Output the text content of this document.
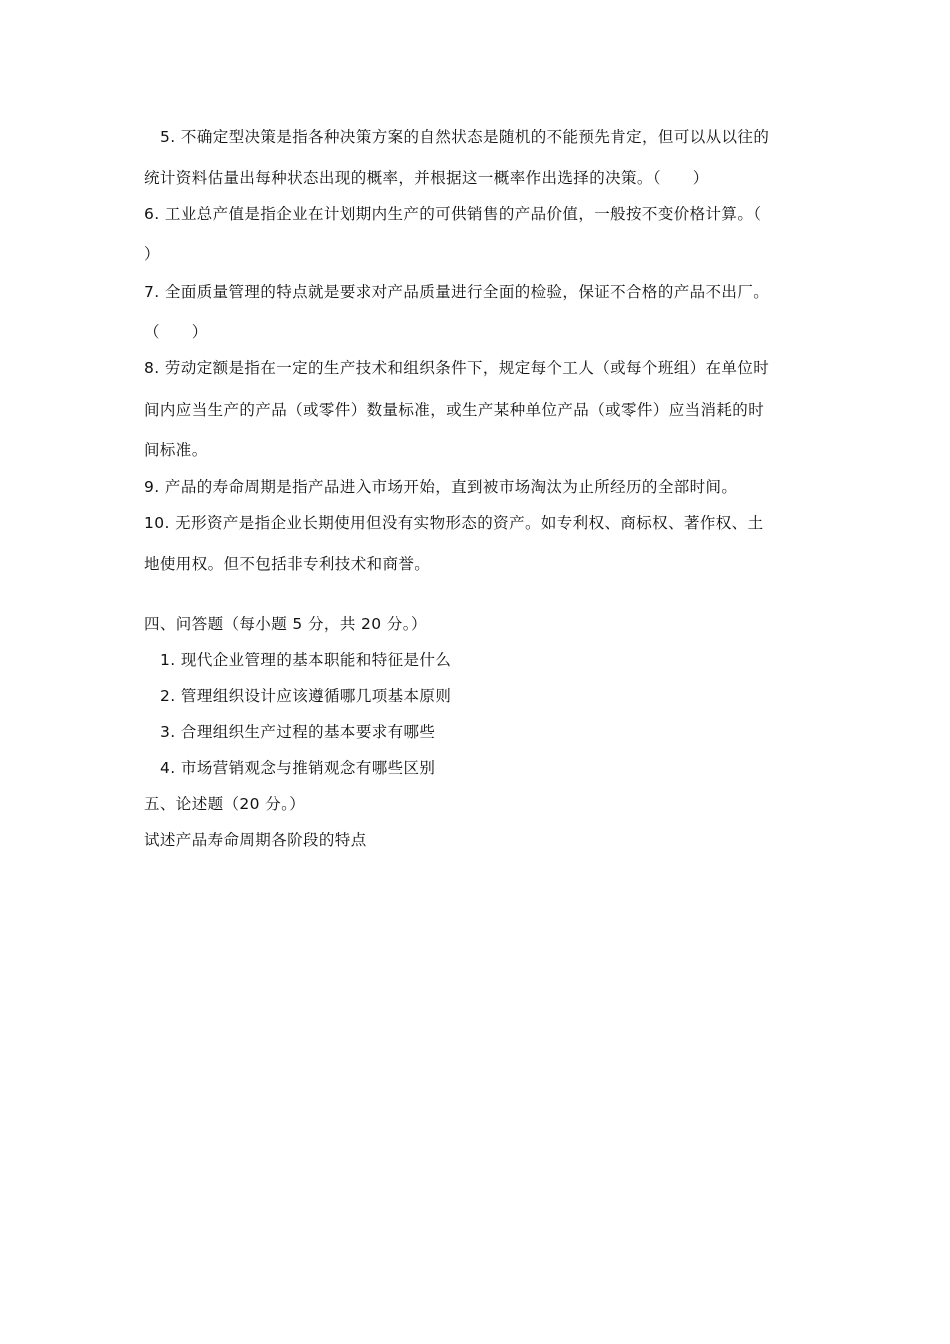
5. 不确定型决策是指各种决策方案的自然状态是随机的不能预先肯定，但可以从以往的
统计资料估量出每种状态出现的概率，并根据这一概率作出选择的决策。（　　）
6. 工业总产值是指企业在计划期内生产的可供销售的产品价值，一般按不变价格计算。（
）
7. 全面质量管理的特点就是要求对产品质量进行全面的检验，保证不合格的产品不出厂。
（　　）
8. 劳动定额是指在一定的生产技术和组织条件下，规定每个工人（或每个班组）在单位时
间内应当生产的产品（或零件）数量标准，或生产某种单位产品（或零件）应当消耗的时
间标准。
9. 产品的寿命周期是指产品进入市场开始，直到被市场淘汰为止所经历的全部时间。
10. 无形资产是指企业长期使用但没有实物形态的资产。如专利权、商标权、著作权、土
地使用权。但不包括非专利技术和商誉。
四、问答题（每小题 5 分，共 20 分。）
1. 现代企业管理的基本职能和特征是什么
2. 管理组织设计应该遵循哪几项基本原则
3. 合理组织生产过程的基本要求有哪些
4. 市场营销观念与推销观念有哪些区别
五、论述题（20 分。）
试述产品寿命周期各阶段的特点
